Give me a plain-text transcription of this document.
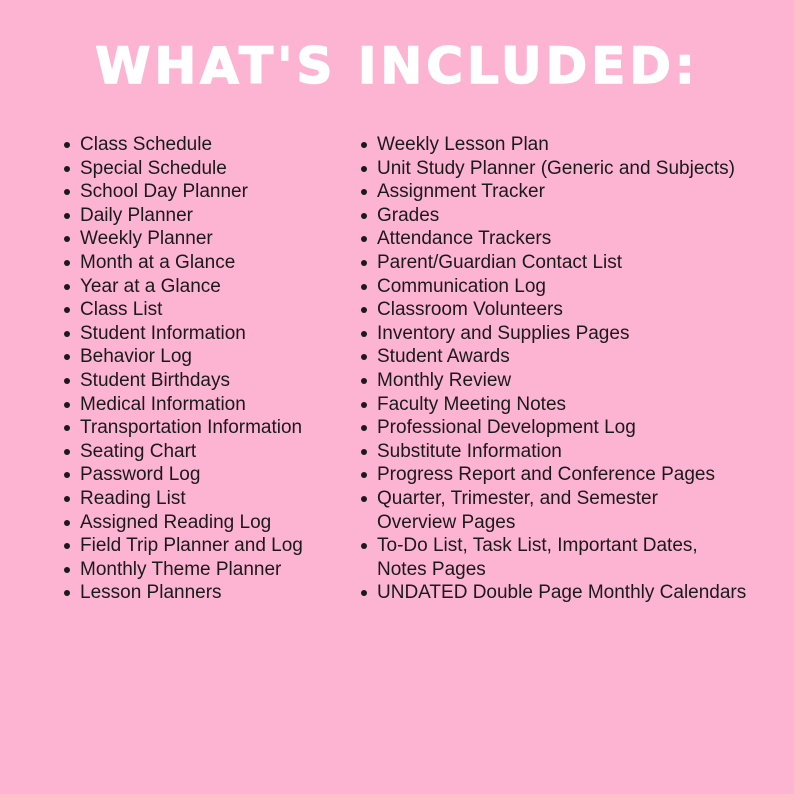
WHAT'S INCLUDED:
Class Schedule
Special Schedule
School Day Planner
Daily Planner
Weekly Planner
Month at a Glance
Year at a Glance
Class List
Student Information
Behavior Log
Student Birthdays
Medical Information
Transportation Information
Seating Chart
Password Log
Reading List
Assigned Reading Log
Field Trip Planner and Log
Monthly Theme Planner
Lesson Planners
Weekly Lesson Plan
Unit Study Planner (Generic and Subjects)
Assignment Tracker
Grades
Attendance Trackers
Parent/Guardian Contact List
Communication Log
Classroom Volunteers
Inventory and Supplies Pages
Student Awards
Monthly Review
Faculty Meeting Notes
Professional Development Log
Substitute Information
Progress Report and Conference Pages
Quarter, Trimester, and Semester
Overview Pages
To-Do List, Task List, Important Dates,
Notes Pages
UNDATED Double Page Monthly Calendars
